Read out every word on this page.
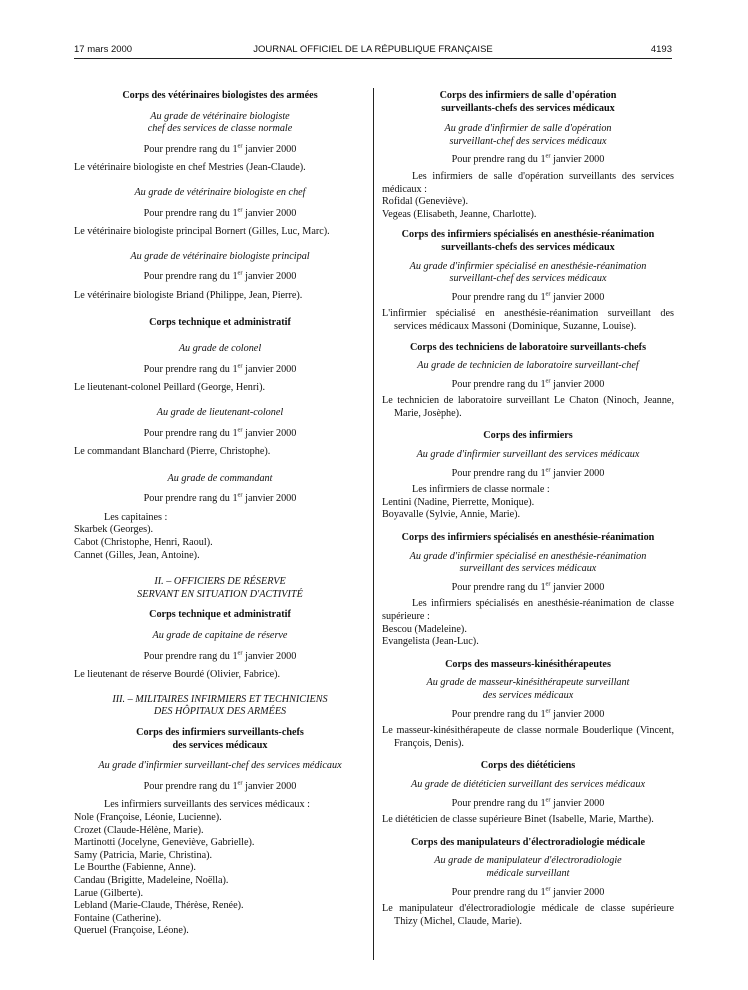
17 mars 2000	JOURNAL OFFICIEL DE LA RÉPUBLIQUE FRANÇAISE	4193

Corps des vétérinaires biologistes des armées

Au grade de vétérinaire biologiste

chef des services de classe normale

Pour prendre rang du 1er janvier 2000

Le vétérinaire biologiste en chef Mestries (Jean-Claude).

Au grade de vétérinaire biologiste en chef

Pour prendre rang du 1er janvier 2000

Le vétérinaire biologiste principal Bornert (Gilles, Luc, Marc).

Au grade de vétérinaire biologiste principal

Pour prendre rang du 1er janvier 2000

Le vétérinaire biologiste Briand (Philippe, Jean, Pierre).

Corps technique et administratif

Au grade de colonel

Pour prendre rang du 1er janvier 2000

Le lieutenant-colonel Peillard (George, Henri).

Au grade de lieutenant-colonel

Pour prendre rang du 1er janvier 2000

Le commandant Blanchard (Pierre, Christophe).

Au grade de commandant

Pour prendre rang du 1er janvier 2000

Les capitaines :

Skarbek (Georges).

Cabot (Christophe, Henri, Raoul).

Cannet (Gilles, Jean, Antoine).

II. – OFFICIERS DE RÉSERVE

SERVANT EN SITUATION D'ACTIVITÉ

Corps technique et administratif

Au grade de capitaine de réserve

Pour prendre rang du 1er janvier 2000

Le lieutenant de réserve Bourdé (Olivier, Fabrice).

III. – MILITAIRES INFIRMIERS ET TECHNICIENS

DES HÔPITAUX DES ARMÉES

Corps des infirmiers surveillants-chefs

des services médicaux

Au grade d'infirmier surveillant-chef des services médicaux

Pour prendre rang du 1er janvier 2000

Les infirmiers surveillants des services médicaux :

Nole (Françoise, Léonie, Lucienne).

Crozet (Claude-Hélène, Marie).

Martinotti (Jocelyne, Geneviève, Gabrielle).

Samy (Patricia, Marie, Christina).

Le Bourthe (Fabienne, Anne).

Candau (Brigitte, Madeleine, Noëlla).

Larue (Gilberte).

Lebland (Marie-Claude, Thérèse, Renée).

Fontaine (Catherine).

Queruel (Françoise, Léone).

Corps des infirmiers de salle d'opération

surveillants-chefs des services médicaux

Au grade d'infirmier de salle d'opération

surveillant-chef des services médicaux

Pour prendre rang du 1er janvier 2000

Les infirmiers de salle d'opération surveillants des services médicaux :

Rofidal (Geneviève).

Vegeas (Elisabeth, Jeanne, Charlotte).

Corps des infirmiers spécialisés en anesthésie-réanimation

surveillants-chefs des services médicaux

Au grade d'infirmier spécialisé en anesthésie-réanimation

surveillant-chef des services médicaux

Pour prendre rang du 1er janvier 2000

L'infirmier spécialisé en anesthésie-réanimation surveillant des services médicaux Massoni (Dominique, Suzanne, Louise).

Corps des techniciens de laboratoire surveillants-chefs

Au grade de technicien de laboratoire surveillant-chef

Pour prendre rang du 1er janvier 2000

Le technicien de laboratoire surveillant Le Chaton (Ninoch, Jeanne, Marie, Josèphe).

Corps des infirmiers

Au grade d'infirmier surveillant des services médicaux

Pour prendre rang du 1er janvier 2000

Les infirmiers de classe normale :

Lentini (Nadine, Pierrette, Monique).

Boyavalle (Sylvie, Annie, Marie).

Corps des infirmiers spécialisés en anesthésie-réanimation

Au grade d'infirmier spécialisé en anesthésie-réanimation

surveillant des services médicaux

Pour prendre rang du 1er janvier 2000

Les infirmiers spécialisés en anesthésie-réanimation de classe supérieure :

Bescou (Madeleine).

Evangelista (Jean-Luc).

Corps des masseurs-kinésithérapeutes

Au grade de masseur-kinésithérapeute surveillant

des services médicaux

Pour prendre rang du 1er janvier 2000

Le masseur-kinésithérapeute de classe normale Bouderlique (Vincent, François, Denis).

Corps des diététiciens

Au grade de diététicien surveillant des services médicaux

Pour prendre rang du 1er janvier 2000

Le diététicien de classe supérieure Binet (Isabelle, Marie, Marthe).

Corps des manipulateurs d'électroradiologie médicale

Au grade de manipulateur d'électroradiologie

médicale surveillant

Pour prendre rang du 1er janvier 2000

Le manipulateur d'électroradiologie médicale de classe supérieure Thizy (Michel, Claude, Marie).
